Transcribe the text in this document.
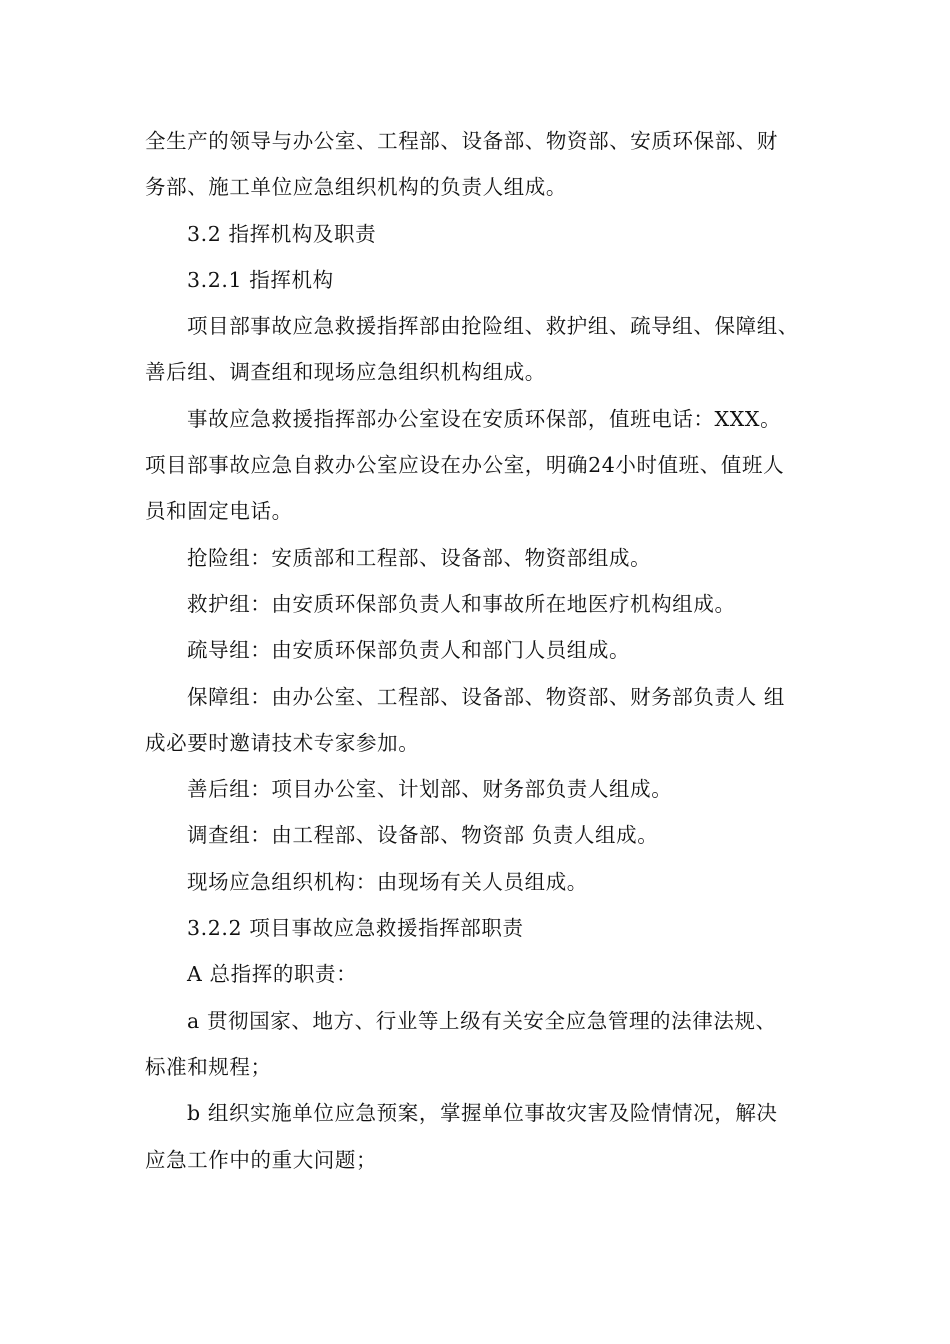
全生产的领导与办公室、工程部、设备部、物资部、安质环保部、财
务部、施工单位应急组织机构的负责人组成。
3.2 指挥机构及职责
3.2.1 指挥机构
项目部事故应急救援指挥部由抢险组、救护组、疏导组、保障组、
善后组、调查组和现场应急组织机构组成。
事故应急救援指挥部办公室设在安质环保部，值班电话：XXX。
项目部事故应急自救办公室应设在办公室，明确24小时值班、值班人
员和固定电话。
抢险组：安质部和工程部、设备部、物资部组成。
救护组：由安质环保部负责人和事故所在地医疗机构组成。
疏导组：由安质环保部负责人和部门人员组成。
保障组：由办公室、工程部、设备部、物资部、财务部负责人 组
成必要时邀请技术专家参加。
善后组：项目办公室、计划部、财务部负责人组成。
调查组：由工程部、设备部、物资部 负责人组成。
现场应急组织机构：由现场有关人员组成。
3.2.2 项目事故应急救援指挥部职责
A 总指挥的职责：
a 贯彻国家、地方、行业等上级有关安全应急管理的法律法规、
标准和规程；
b 组织实施单位应急预案，掌握单位事故灾害及险情情况，解决
应急工作中的重大问题；
